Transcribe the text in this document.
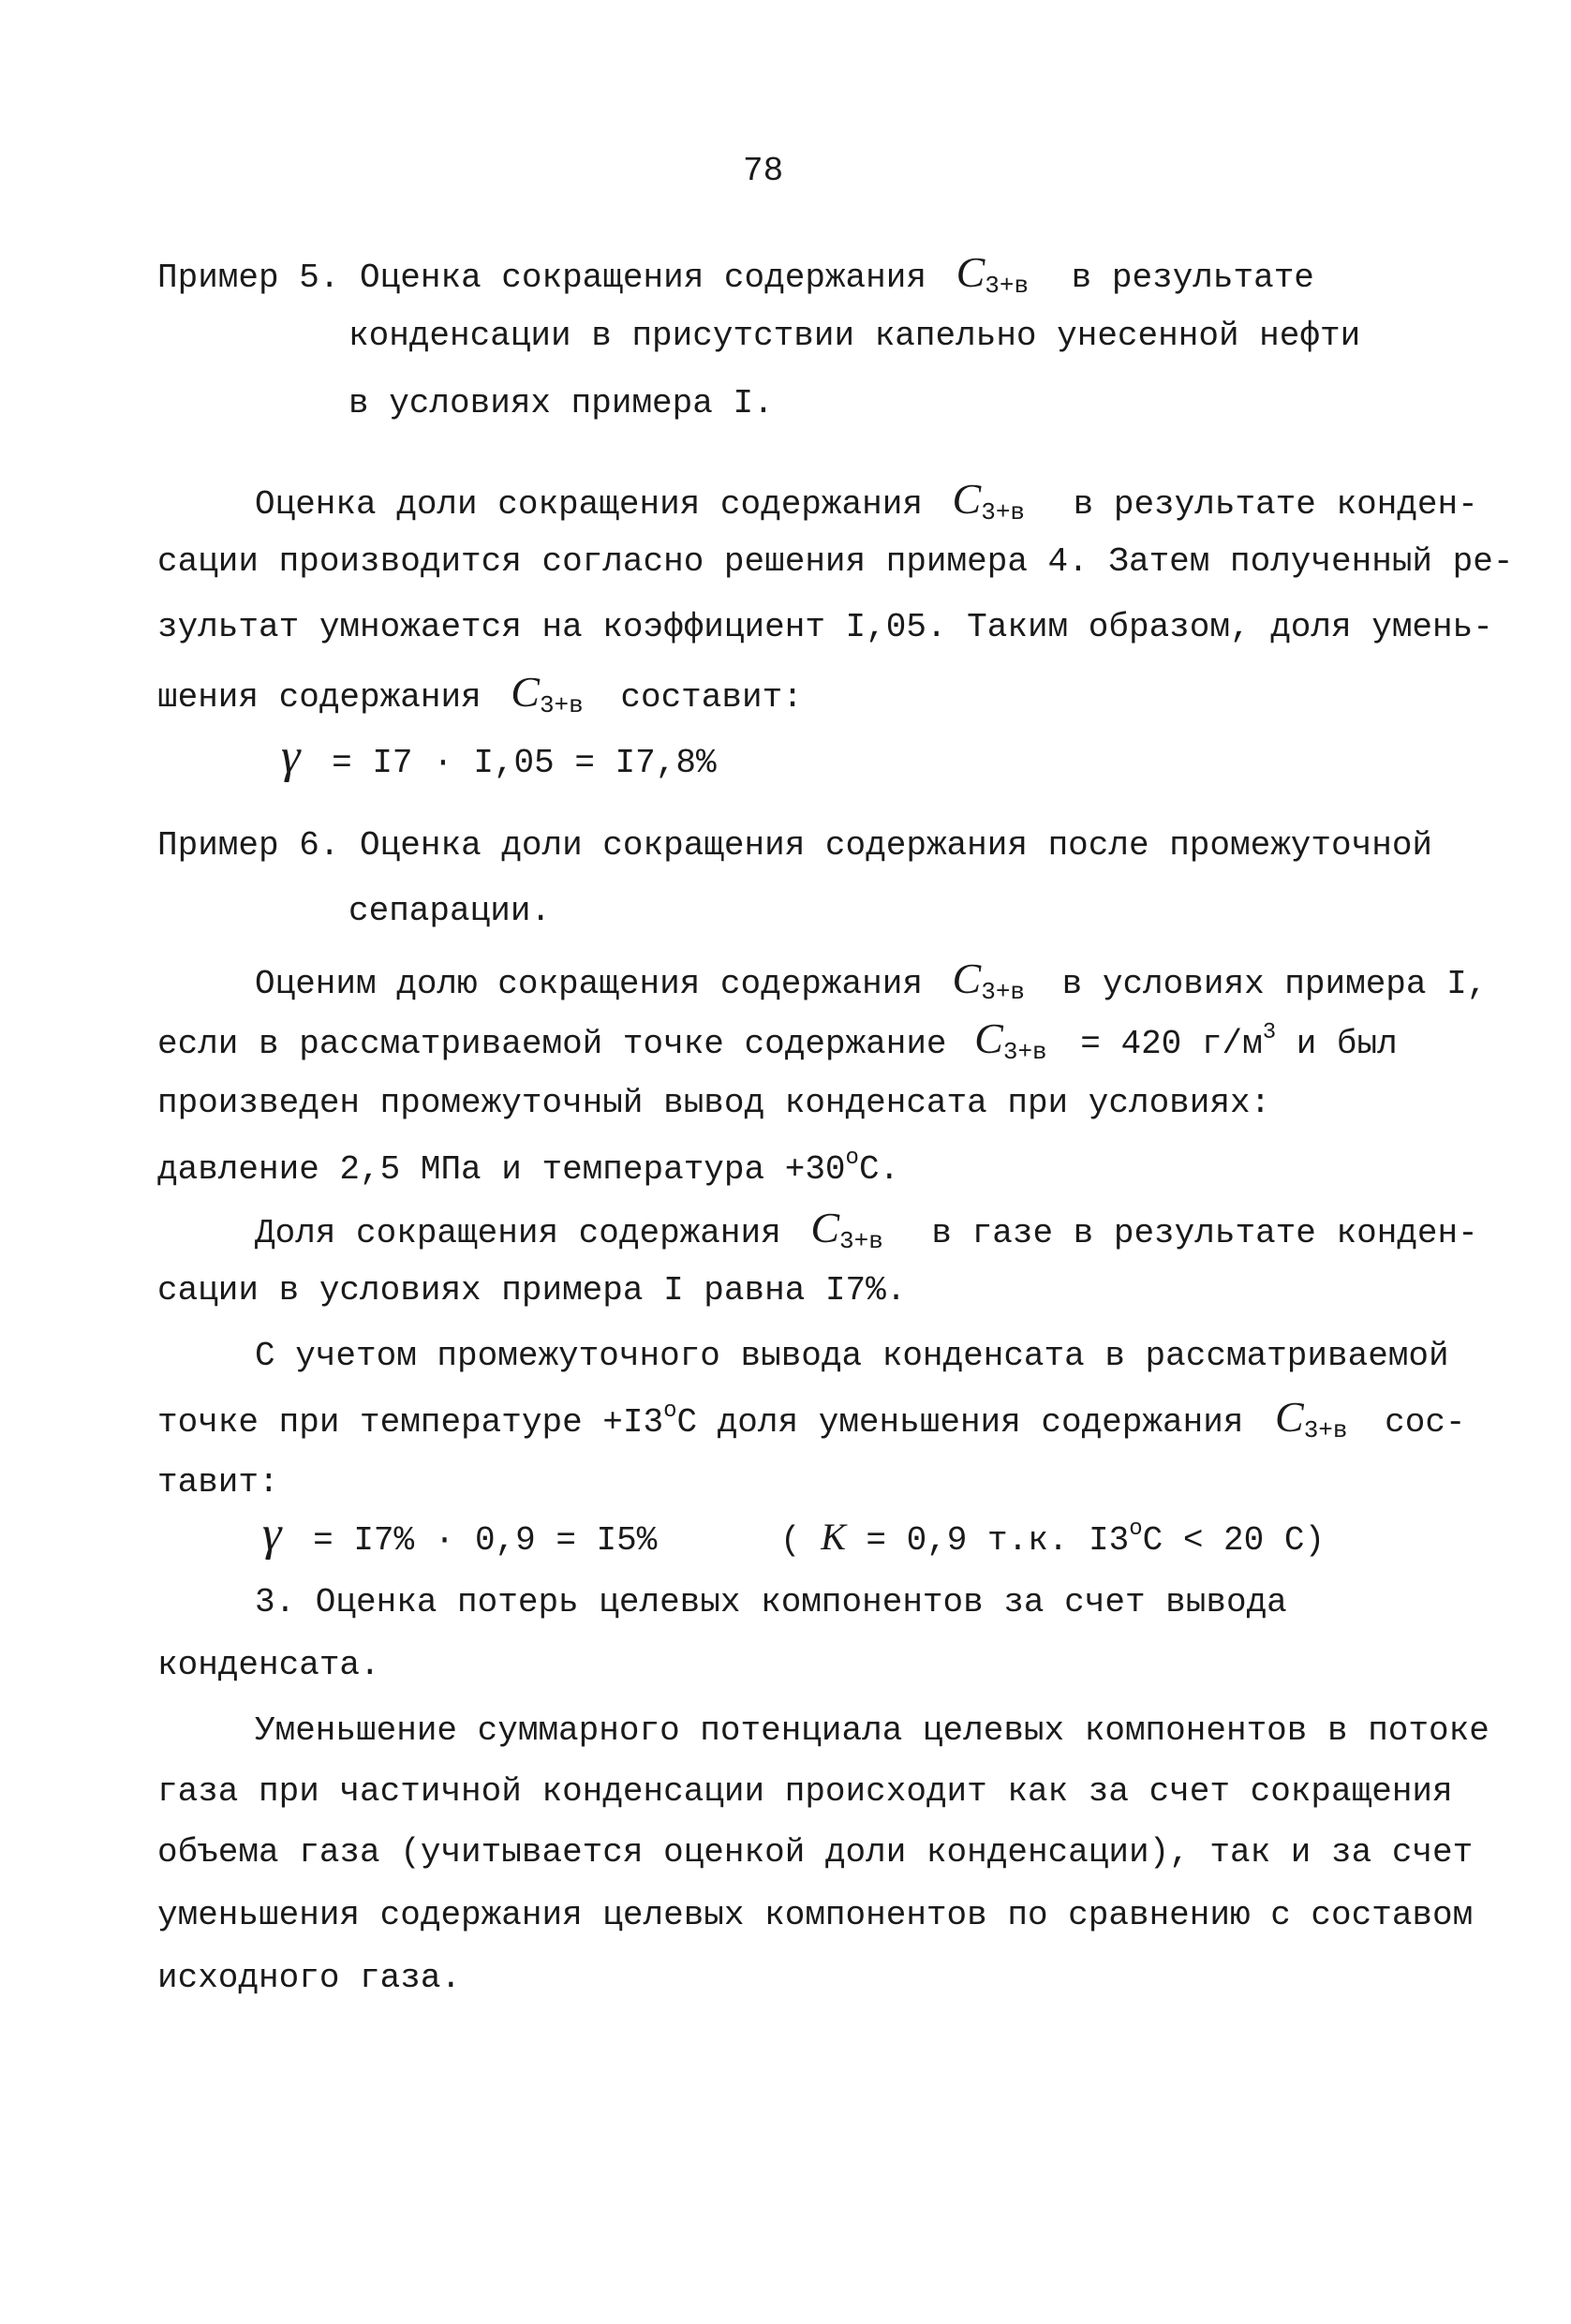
78
Пример 5. Оценка сокращения содержания $С_{3+в}$ в результате
конденсации в присутствии капельно унесенной нефти
в условиях примера I.
Оценка доли сокращения содержания $С_{3+в}$ в результате конден-
сации производится согласно решения примера 4. Затем полученный ре-
зультат умножается на коэффициент I,05. Таким образом, доля умень-
шения содержания $С_{3+в}$ составит:
γ = I7 · I,05 = I7,8%
Пример 6. Оценка доли сокращения содержания после промежуточной
сепарации.
Оценим долю сокращения содержания $С_{3+в}$ в условиях примера I,
если в рассматриваемой точке содержание $С_{3+в} = 420$ $г/м^3$ и был
произведен промежуточный вывод конденсата при условиях:
давление 2,5 МПа и температура $+30^оС$.
Доля сокращения содержания $С_{3+в}$ в газе в результате конден-
сации в условиях примера I равна I7%.
С учетом промежуточного вывода конденсата в рассматриваемой
точке при температуре $+I3^оС$ доля уменьшения содержания $С_{3+в}$ сос-
тавит:
γ = I7% · 0,9 = I5%	( К = 0,9 т.к. $I3^оС < 20$ С)
3. Оценка потерь целевых компонентов за счет вывода
конденсата.
Уменьшение суммарного потенциала целевых компонентов в потоке
газа при частичной конденсации происходит как за счет сокращения
объема газа (учитывается оценкой доли конденсации), так и за счет
уменьшения содержания целевых компонентов по сравнению с составом
исходного газа.
